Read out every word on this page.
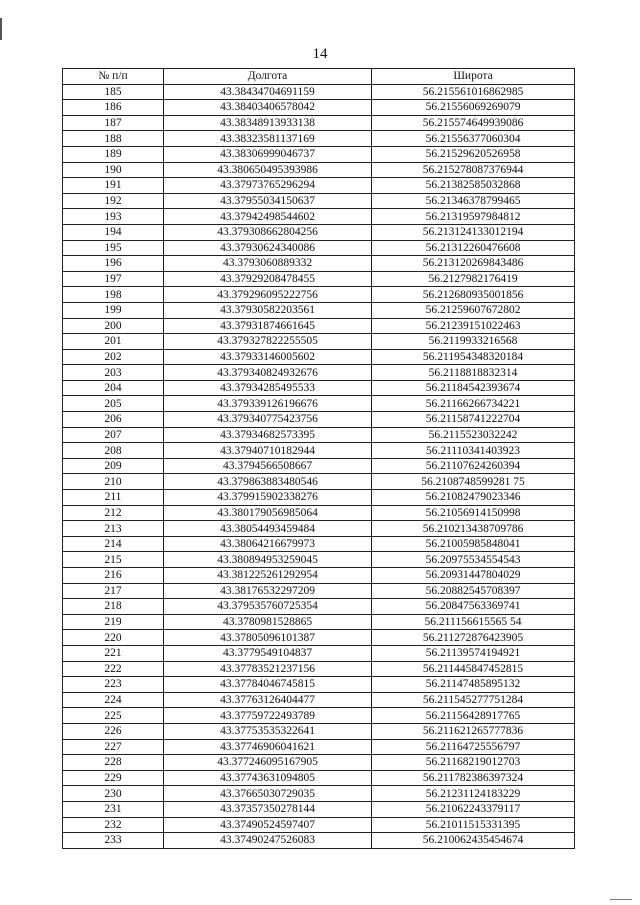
14
№ п/п	Долгота	Широта
185	43.38434704691159	56.215561016862985
186	43.38403406578042	56.21556069269079
187	43.38348913933138	56.215574649939086
188	43.38323581137169	56.21556377060304
189	43.38306999046737	56.21529620526958
190	43.380650495393986	56.215278087376944
191	43.37973765296294	56.21382585032868
192	43.37955034150637	56.21346378799465
193	43.37942498544602	56.21319597984812
194	43.379308662804256	56.213124133012194
195	43.37930624340086	56.21312260476608
196	43.3793060889332	56.213120269843486
197	43.37929208478455	56.2127982176419
198	43.379296095222756	56.212680935001856
199	43.37930582203561	56.21259607672802
200	43.37931874661645	56.21239151022463
201	43.379327822255505	56.2119933216568
202	43.37933146005602	56.211954348320184
203	43.379340824932676	56.2118818832314
204	43.37934285495533	56.21184542393674
205	43.379339126196676	56.21166266734221
206	43.379340775423756	56.21158741222704
207	43.37934682573395	56.2115523032242
208	43.37940710182944	56.21110341403923
209	43.3794566508667	56.21107624260394
210	43.379863883480546	56.2108748599281 75
211	43.379915902338276	56.21082479023346
212	43.380179056985064	56.21056914150998
213	43.38054493459484	56.210213438709786
214	43.38064216679973	56.21005985848041
215	43.380894953259045	56.20975534554543
216	43.381225261292954	56.20931447804029
217	43.38176532297209	56.20882545708397
218	43.379535760725354	56.20847563369741
219	43.3780981528865	56.211156615565 54
220	43.37805096101387	56.211272876423905
221	43.3779549104837	56.21139574194921
222	43.37783521237156	56.211445847452815
223	43.37784046745815	56.21147485895132
224	43.37763126404477	56.211545277751284
225	43.37759722493789	56.21156428917765
226	43.37753535322641	56.211621265777836
227	43.37746906041621	56.21164725556797
228	43.377246095167905	56.21168219012703
229	43.37743631094805	56.211782386397324
230	43.37665030729035	56.21231124183229
231	43.37357350278144	56.21062243379117
232	43.37490524597407	56.21011515331395
233	43.37490247526083	56.210062435454674
